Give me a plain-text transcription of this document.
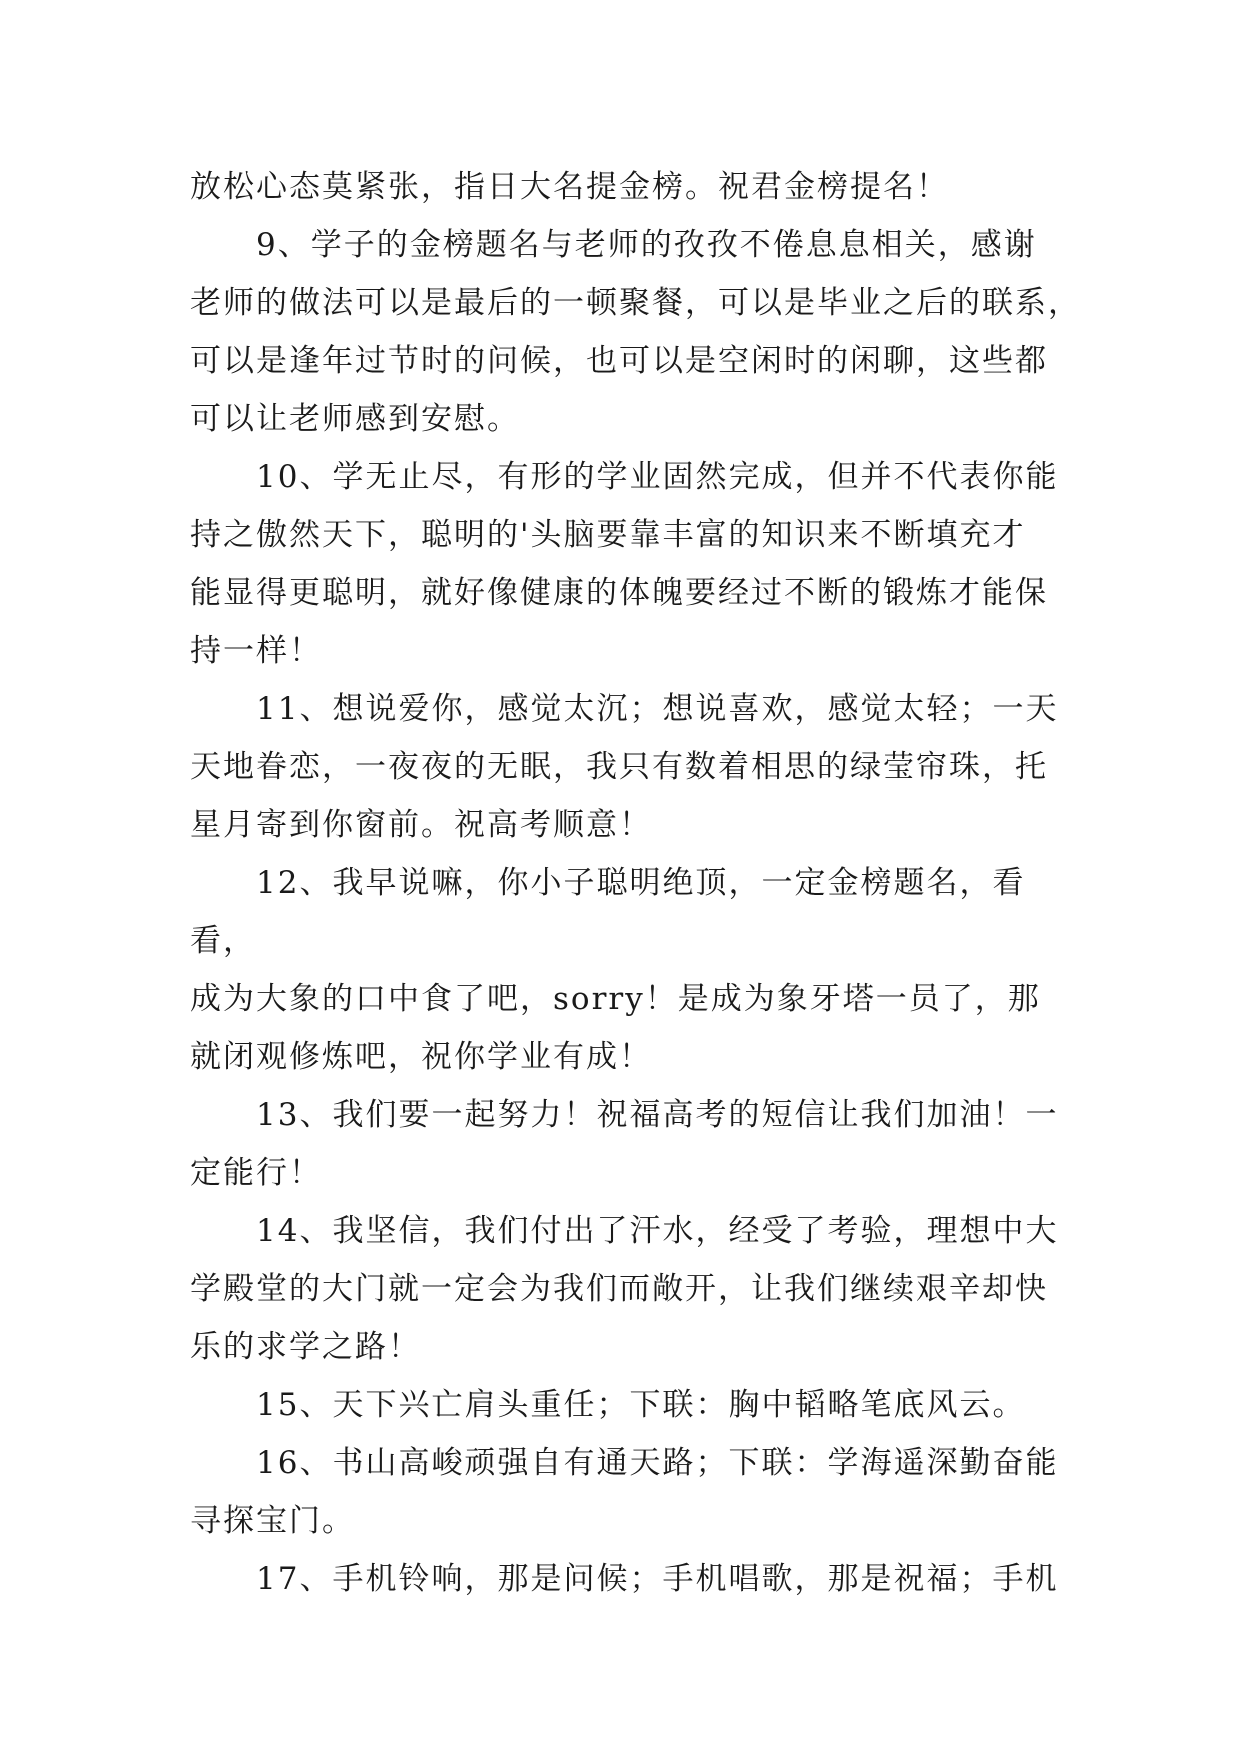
放松心态莫紧张，指日大名提金榜。祝君金榜提名！

　　9、学子的金榜题名与老师的孜孜不倦息息相关，感谢
老师的做法可以是最后的一顿聚餐，可以是毕业之后的联系，
可以是逢年过节时的问候，也可以是空闲时的闲聊，这些都
可以让老师感到安慰。

　　10、学无止尽，有形的学业固然完成，但并不代表你能
持之傲然天下，聪明的'头脑要靠丰富的知识来不断填充才
能显得更聪明，就好像健康的体魄要经过不断的锻炼才能保
持一样！

　　11、想说爱你，感觉太沉；想说喜欢，感觉太轻；一天
天地眷恋，一夜夜的无眠，我只有数着相思的绿莹帘珠，托
星月寄到你窗前。祝高考顺意！

　　12、我早说嘛，你小子聪明绝顶，一定金榜题名，看看，
成为大象的口中食了吧，sorry！是成为象牙塔一员了，那
就闭观修炼吧，祝你学业有成！

　　13、我们要一起努力！祝福高考的短信让我们加油！一
定能行！

　　14、我坚信，我们付出了汗水，经受了考验，理想中大
学殿堂的大门就一定会为我们而敞开，让我们继续艰辛却快
乐的求学之路！

　　15、天下兴亡肩头重任；下联：胸中韬略笔底风云。

　　16、书山高峻顽强自有通天路；下联：学海遥深勤奋能
寻探宝门。

　　17、手机铃响，那是问候；手机唱歌，那是祝福；手机
